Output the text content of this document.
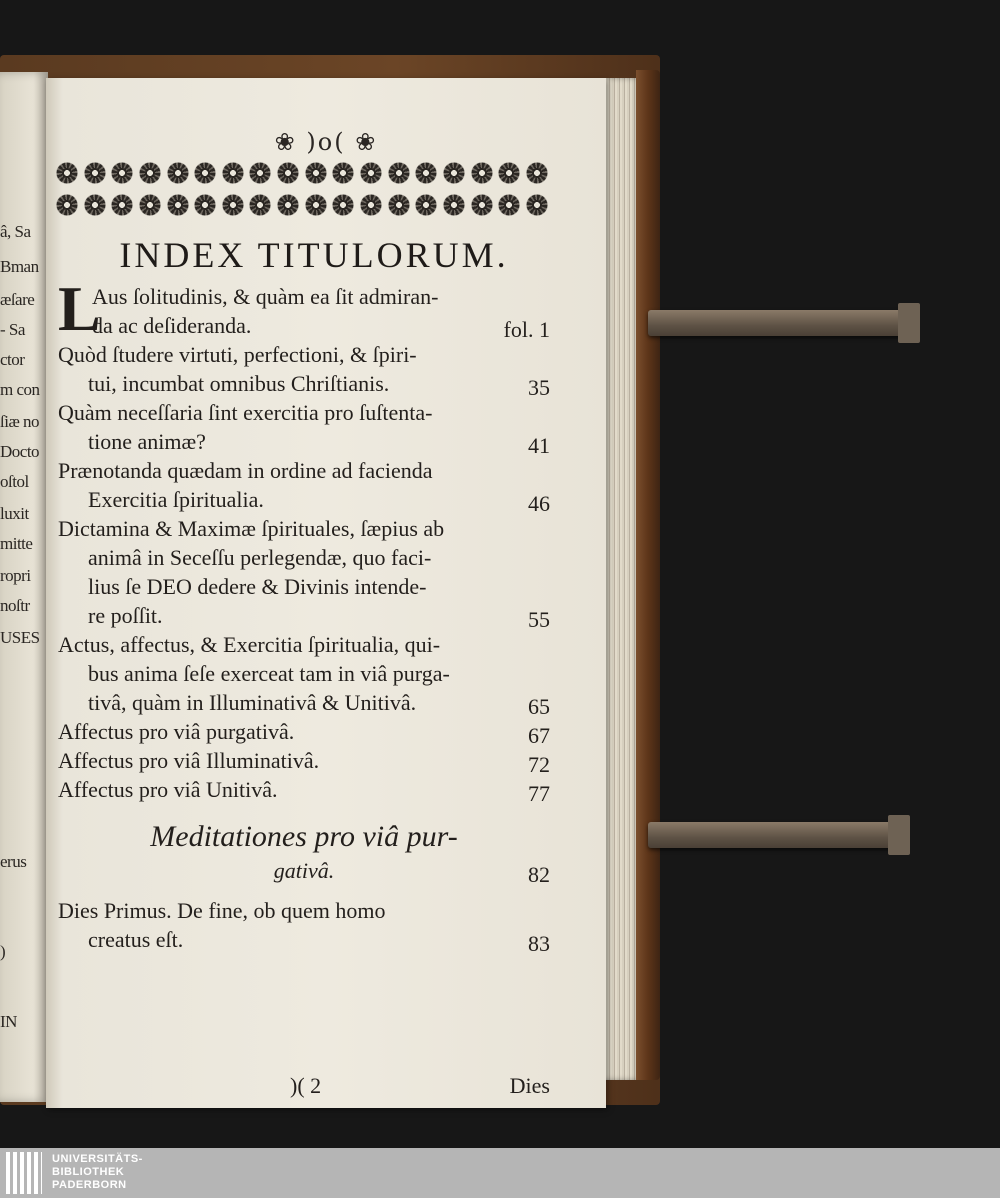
â, Sa
Bman
æſare
- Sa
ctor
m con
ſiæ no
Docto
oſtol
luxit
mitte
ropri
noſtr
USES
erus
)
IN
❀ )o( ❀
INDEX TITULORUM.
L
Aus ſolitudinis, & quàm ea ſit admiran-
da ac deſideranda.	fol. 1
Quòd ſtudere virtuti, perfectioni, & ſpiri-
tui, incumbat omnibus Chriſtianis.	35
Quàm neceſſaria ſint exercitia pro ſuſtenta-
tione animæ?	41
Prænotanda quædam in ordine ad facienda
Exercitia ſpiritualia.	46
Dictamina & Maximæ ſpirituales, ſæpius ab
animâ in Seceſſu perlegendæ, quo faci-
lius ſe DEO dedere & Divinis intende-
re poſſit.	55
Actus, affectus, & Exercitia ſpiritualia, qui-
bus anima ſeſe exerceat tam in viâ purga-
tivâ, quàm in Illuminativâ & Unitivâ.	65
Affectus pro viâ purgativâ.	67
Affectus pro viâ Illuminativâ.	72
Affectus pro viâ Unitivâ.	77
Meditationes pro viâ pur-
gativâ.	82
Dies Primus. De fine, ob quem homo
creatus eſt.	83
)( 2	Dies
UNIVERSITÄTS-
BIBLIOTHEK
PADERBORN
